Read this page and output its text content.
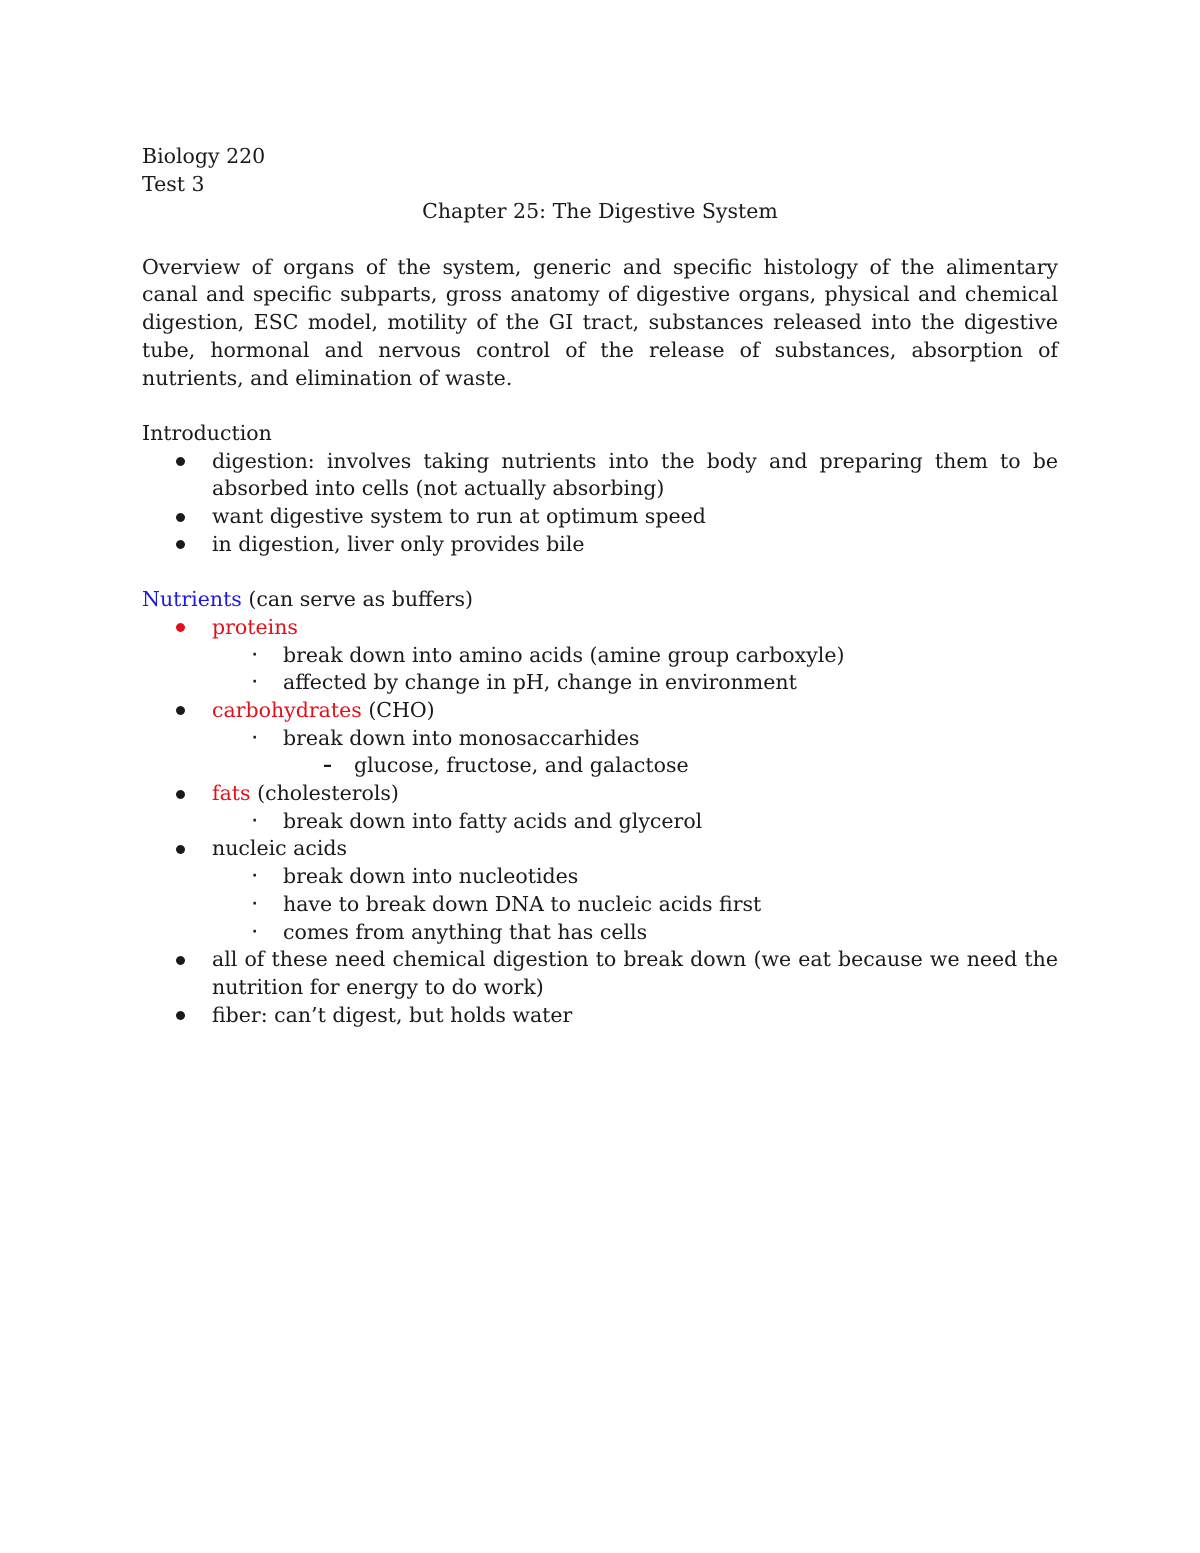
Biology 220
Test 3
Chapter 25: The Digestive System
Overview of organs of the system, generic and specific histology of the alimentary canal and specific subparts, gross anatomy of digestive organs, physical and chemical digestion, ESC model, motility of the GI tract, substances released into the digestive tube, hormonal and nervous control of the release of substances, absorption of nutrients, and elimination of waste.
Introduction
digestion: involves taking nutrients into the body and preparing them to be absorbed into cells (not actually absorbing)
want digestive system to run at optimum speed
in digestion, liver only provides bile
Nutrients (can serve as buffers)
proteins
· break down into amino acids (amine group carboxyle)
· affected by change in pH, change in environment
carbohydrates (CHO)
· break down into monosaccarhides
– glucose, fructose, and galactose
fats (cholesterols)
· break down into fatty acids and glycerol
nucleic acids
· break down into nucleotides
· have to break down DNA to nucleic acids first
· comes from anything that has cells
all of these need chemical digestion to break down (we eat because we need the nutrition for energy to do work)
fiber: can’t digest, but holds water
